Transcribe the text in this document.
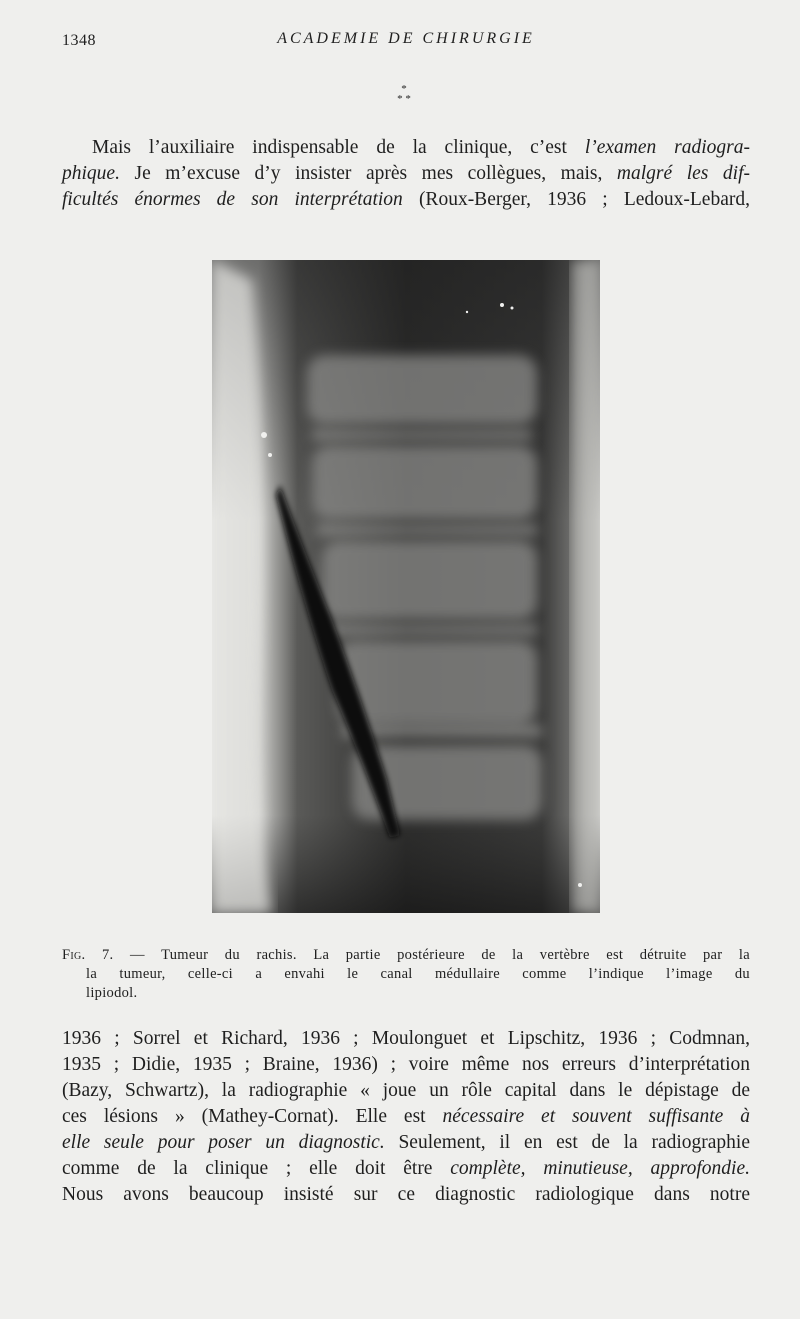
1348	ACADEMIE DE CHIRURGIE
*
* *

Mais l’auxiliaire indispensable de la clinique, c’est l’examen radiogra-
phique. Je m’excuse d’y insister après mes collègues, mais, malgré les dif-
ficultés énormes de son interprétation (Roux-Berger, 1936 ; Ledoux-Lebard,

Fig. 7. — Tumeur du rachis. La partie postérieure de la vertèbre est détruite par la
la tumeur, celle-ci a envahi le canal médullaire comme l’indique l’image du
lipiodol.

1936 ; Sorrel et Richard, 1936 ; Moulonguet et Lipschitz, 1936 ; Codmnan,
1935 ; Didie, 1935 ; Braine, 1936) ; voire même nos erreurs d’interprétation
(Bazy, Schwartz), la radiographie « joue un rôle capital dans le dépistage de
ces lésions » (Mathey-Cornat). Elle est nécessaire et souvent suffisante à
elle seule pour poser un diagnostic. Seulement, il en est de la radiographie
comme de la clinique ; elle doit être complète, minutieuse, approfondie.
Nous avons beaucoup insisté sur ce diagnostic radiologique dans notre
